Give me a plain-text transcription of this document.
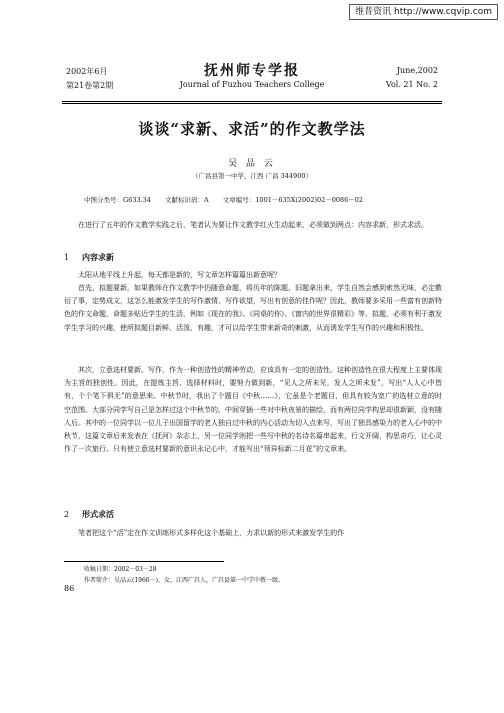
维普资讯 http://www.cqvip.com
2002年6月
第21卷第2期
抚州师专学报
Journal of Fuzhou Teachers College
June,2002
Vol. 21 No. 2
谈谈“求新、求活”的作文教学法
吴 品 云
（广昌县第一中学，江西 广昌 344900）
中图分类号：G633.34 文献标识码：A 文章编号：1001－635X(2002)02－0086－02
在进行了五年的作文教学实践之后，笔者认为要让作文教学红火生动起来，必须做到两点：内容求新，形式求活。
1 内容求新
太阳从地平线上升起，每天都是新的，写文章怎样篇篇出新意呢？
首先，拟题要新。如果教师在作文教学中仍随意命题，将历年的陈题、旧题拿出来，学生自然会感到索然无味，必定敷衍了事，定势成文，这怎么能激发学生的写作激情、写作欲望，写出有创意的佳作呢？因此，教师要多采用一些富有创新特色的作文命题，命题多贴近学生的生活，例如《现在的我》、《同桌的你》、《窗内的世界很精彩》等。拟题，必须有利于激发学生学习的兴趣，使所拟题目新鲜、活泼、有趣，才可以给学生带来新奇的刺激，从而诱发学生写作的兴趣和积极性。
其次，立意选材要新。写作，作为一种创造性的精神劳动，应该具有一定的创造性。这种创造性在很大程度上主要体现为主旨的独创性。因此，在提炼主旨、选择材料时，要努力做到新，“见人之所未见，发人之所未发”，写出“人人心中皆有，个个笔下俱无”的意思来。中秋节时，我出了个题目《中秋……》，它虽是个老题目，但具有较为宽广的选材立意的时空范围。大部分同学写自己是怎样过这个中秋节的，中间穿插一些对中秋夜景的描绘，而有两位同学构思却很新颖，没有随人后。其中的一位同学以一位儿子出国留学的老人独自过中秋的内心活动为切入点来写，写出了独具感染力的老人心中的中秋节，这篇文章后来发表在《抚河》杂志上，另一位同学则把一些写中秋的名诗名篇串起来，行文开阔，构思奇巧，让心灵作了一次旅行。只有使立意选材要新的意识永记心中，才能写出“领异标新二月花”的文章来。
2 形式求活
笔者把这个“活”定在作文训练形式多样化这个基础上，力求以新的形式来激发学生的作
收稿日期：2002－03－28
作者简介：吴品云(1966－)，女，江西广昌人，广昌县第一中学中教一级。
86
